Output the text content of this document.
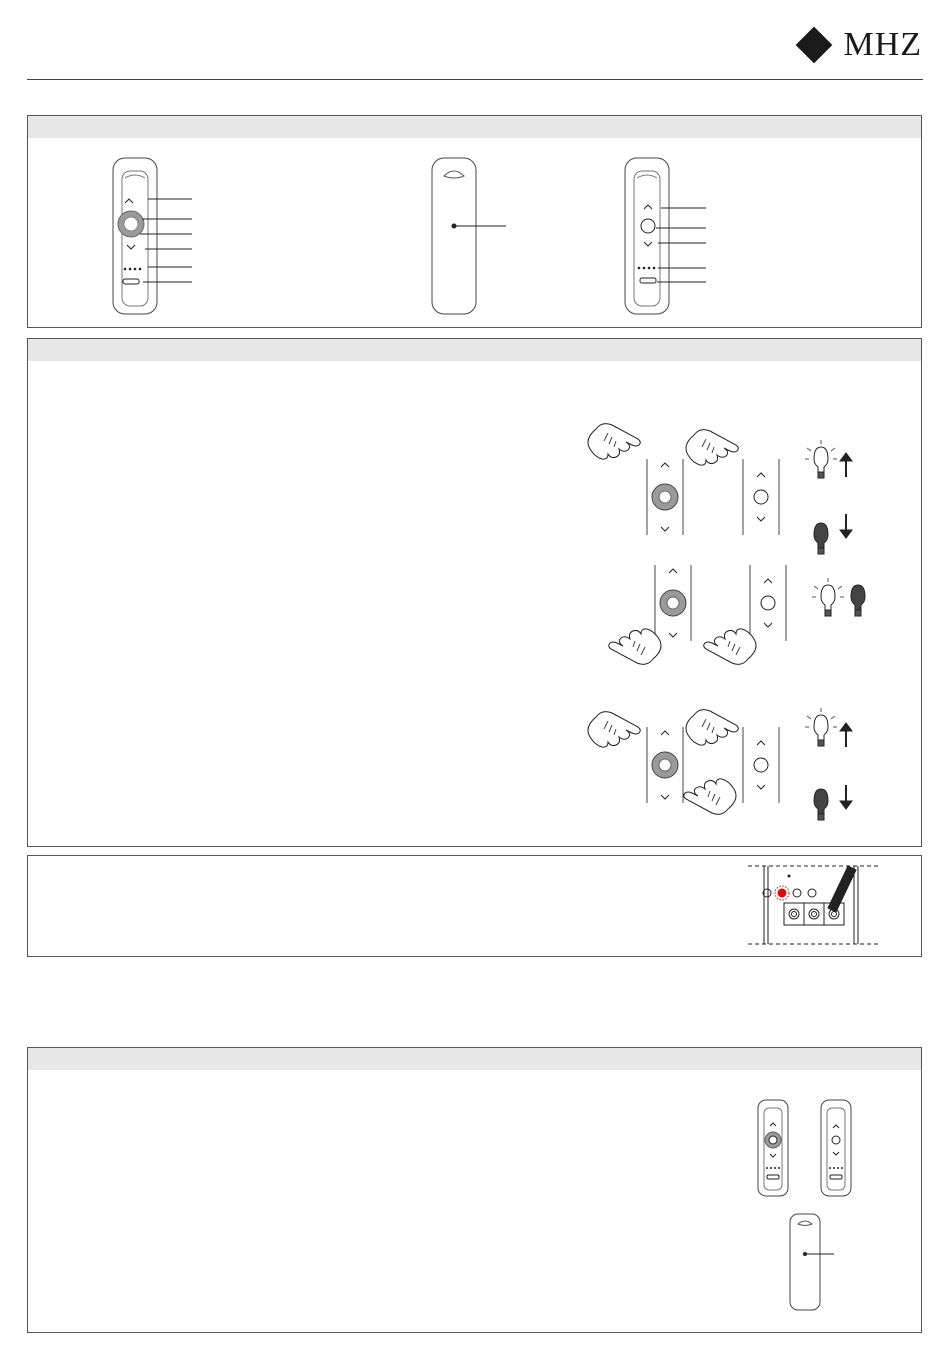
MHZ
